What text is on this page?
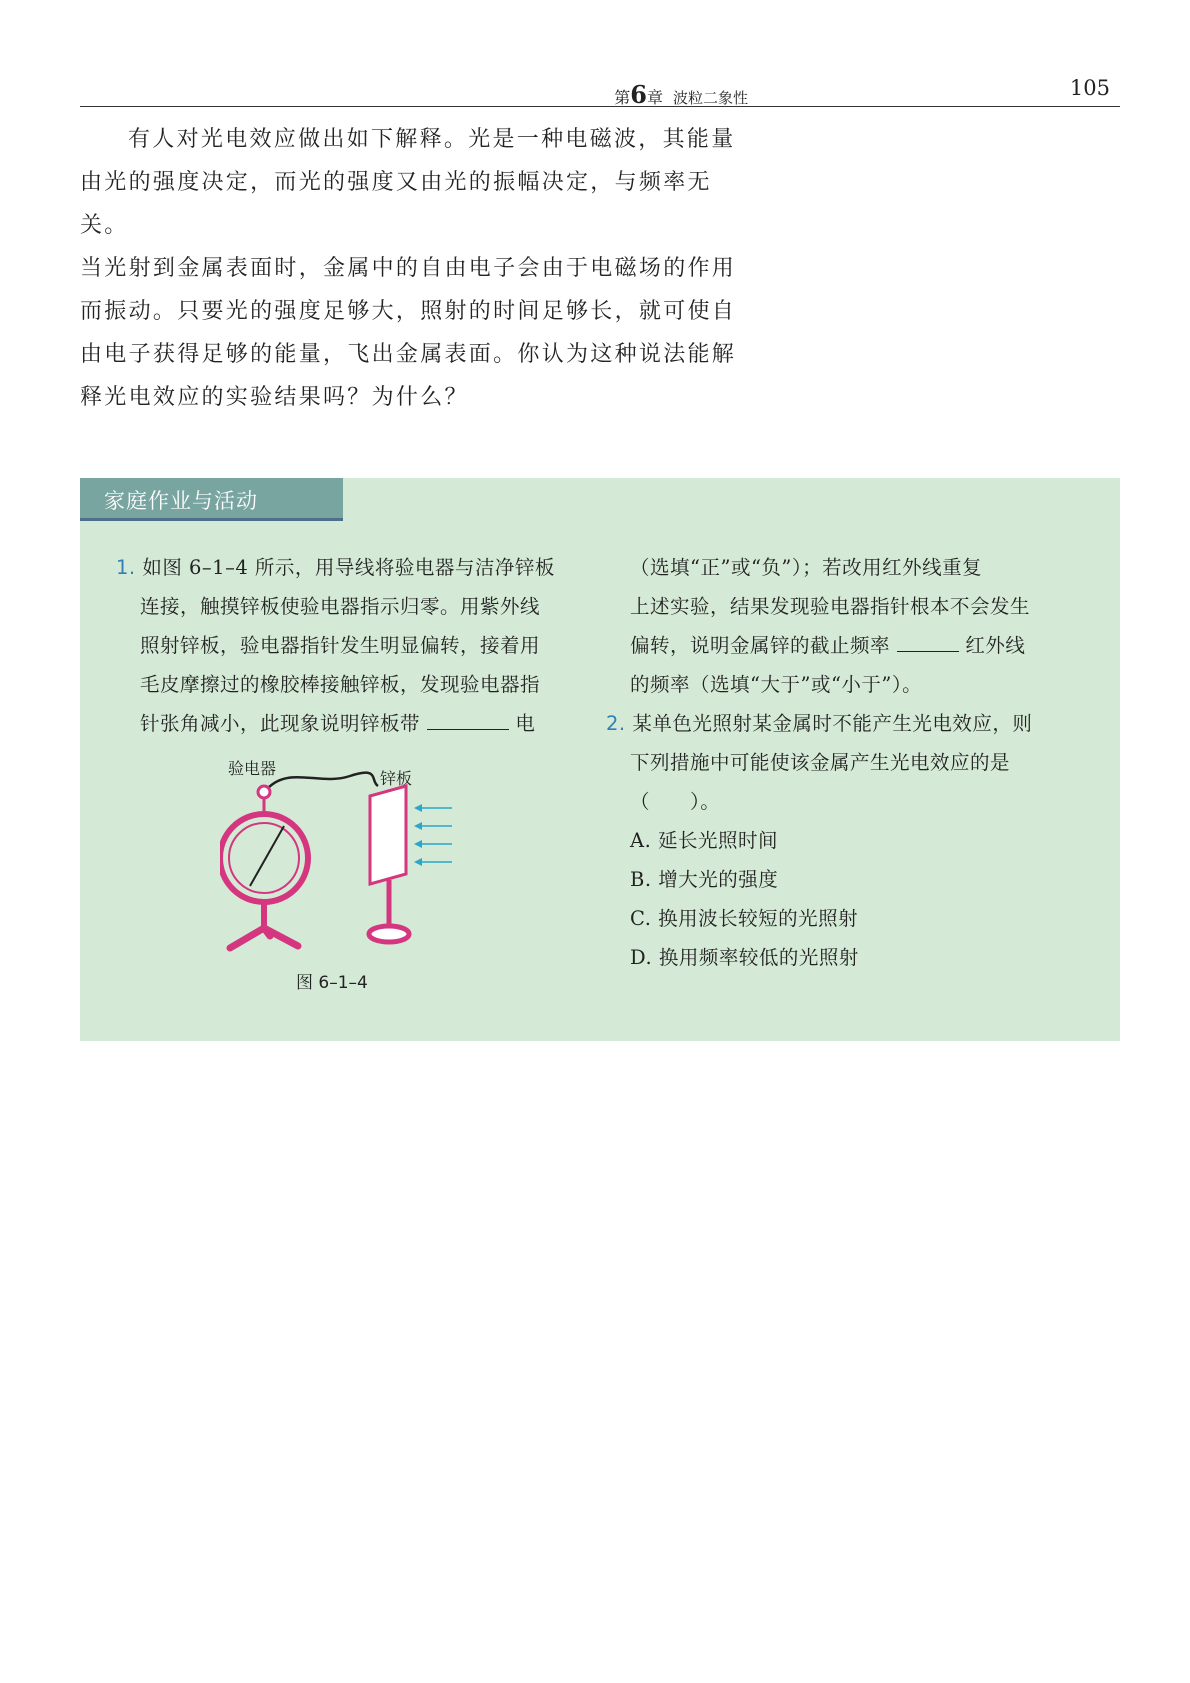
第6章 波粒二象性	105
有人对光电效应做出如下解释。光是一种电磁波，其能量
由光的强度决定，而光的强度又由光的振幅决定，与频率无关。
当光射到金属表面时，金属中的自由电子会由于电磁场的作用
而振动。只要光的强度足够大，照射的时间足够长，就可使自
由电子获得足够的能量，飞出金属表面。你认为这种说法能解
释光电效应的实验结果吗？为什么？
家庭作业与活动
1. 如图 6–1–4 所示，用导线将验电器与洁净锌板
连接，触摸锌板使验电器指示归零。用紫外线
照射锌板，验电器指针发生明显偏转，接着用
毛皮摩擦过的橡胶棒接触锌板，发现验电器指
针张角减小，此现象说明锌板带	电
验电器
锌板
图 6–1–4
（选填“正”或“负”）；若改用红外线重复
上述实验，结果发现验电器指针根本不会发生
偏转，说明金属锌的截止频率	红外线
的频率（选填“大于”或“小于”）。
2. 某单色光照射某金属时不能产生光电效应，则
下列措施中可能使该金属产生光电效应的是
（　　）。
A. 延长光照时间
B. 增大光的强度
C. 换用波长较短的光照射
D. 换用频率较低的光照射
